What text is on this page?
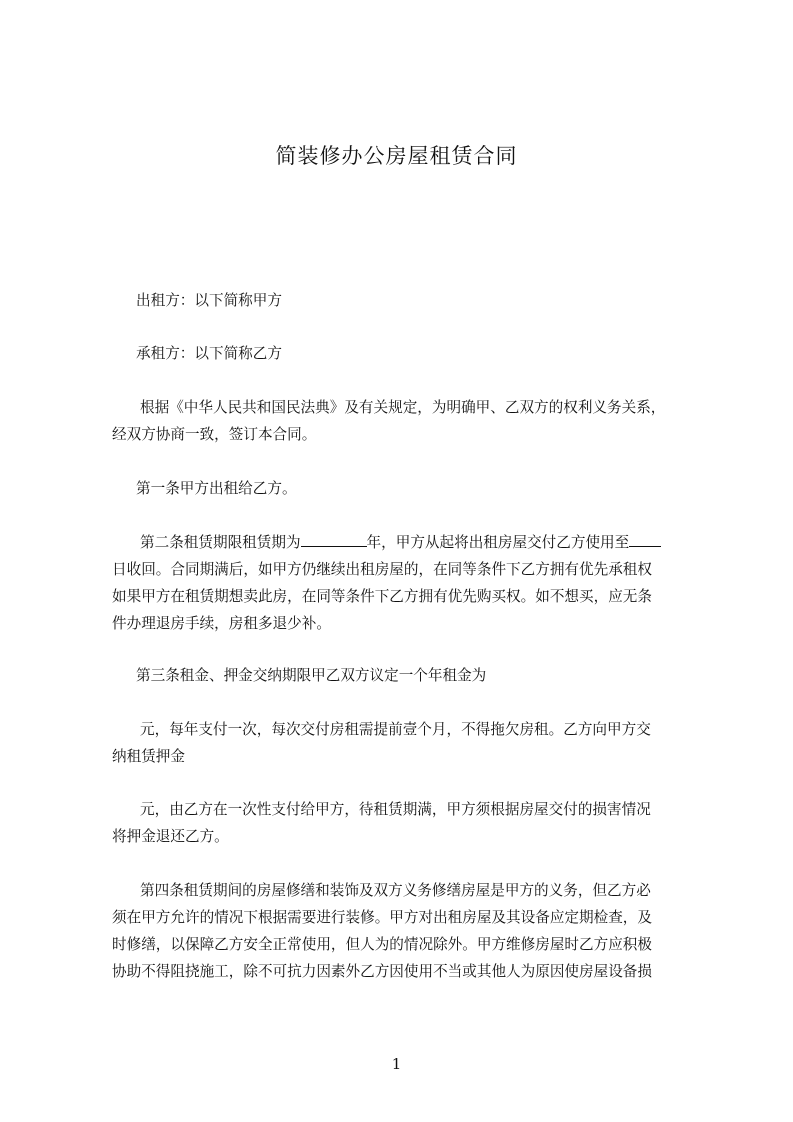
简装修办公房屋租赁合同

出租方：以下简称甲方

承租方：以下简称乙方

根据《中华人民共和国民法典》及有关规定，为明确甲、乙双方的权利义务关系，
经双方协商一致，签订本合同。

第一条甲方出租给乙方。

第二条租赁期限租赁期为	年，甲方从起将出租房屋交付乙方使用至
日收回。合同期满后，如甲方仍继续出租房屋的，在同等条件下乙方拥有优先承租权
如果甲方在租赁期想卖此房，在同等条件下乙方拥有优先购买权。如不想买，应无条
件办理退房手续，房租多退少补。

第三条租金、押金交纳期限甲乙双方议定一个年租金为

元，每年支付一次，每次交付房租需提前壹个月，不得拖欠房租。乙方向甲方交
纳租赁押金

元，由乙方在一次性支付给甲方，待租赁期满，甲方须根据房屋交付的损害情况
将押金退还乙方。

第四条租赁期间的房屋修缮和装饰及双方义务修缮房屋是甲方的义务，但乙方必
须在甲方允许的情况下根据需要进行装修。甲方对出租房屋及其设备应定期检查，及
时修缮，以保障乙方安全正常使用，但人为的情况除外。甲方维修房屋时乙方应积极
协助不得阻挠施工，除不可抗力因素外乙方因使用不当或其他人为原因使房屋设备损

1
